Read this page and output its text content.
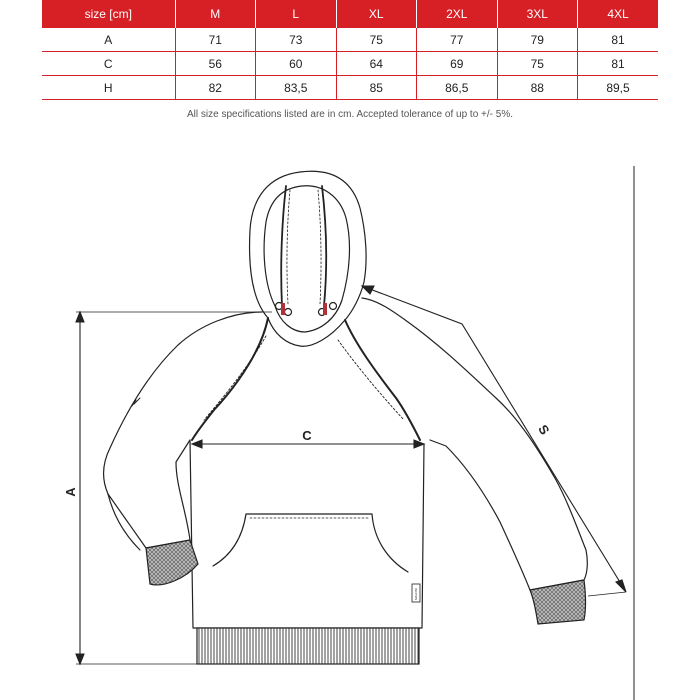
size [cm]	M	L	XL	2XL	3XL	4XL
A	71	73	75	77	79	81
C	56	60	64	69	75	81
H	82	83,5	85	86,5	88	89,5
All size specifications listed are in cm. Accepted tolerance of up to +/- 5%.
A
C	S
MALFINI
